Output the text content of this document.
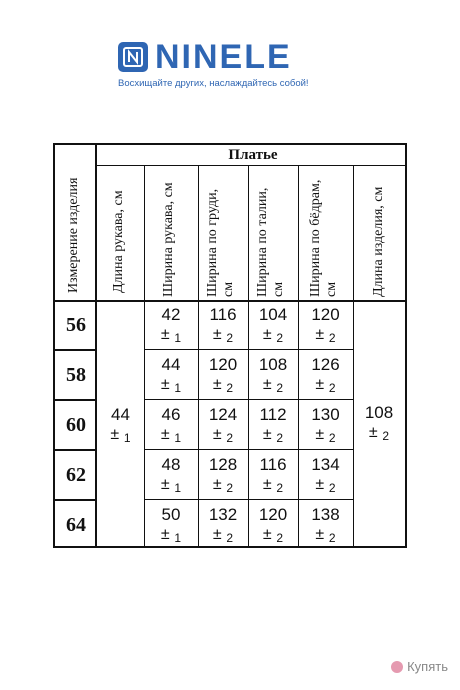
NINELE
Восхищайте других, наслаждайтесь собой!
Платье
Измерение изделия Длина рукава, см	Ширина рукава, см Ширина по груди, см Ширина по талии, см Ширина по бёдрам, см Длина изделия, см
56
58
60
62
64
44
± 1
108
± 2
42
± 1
116
± 2
104
± 2
120
± 2
44
± 1
120
± 2
108
± 2
126
± 2
46
± 1
124
± 2
112
± 2
130
± 2
48
± 1
128
± 2
116
± 2
134
± 2
50
± 1
132
± 2
120
± 2
138
± 2
Купять
